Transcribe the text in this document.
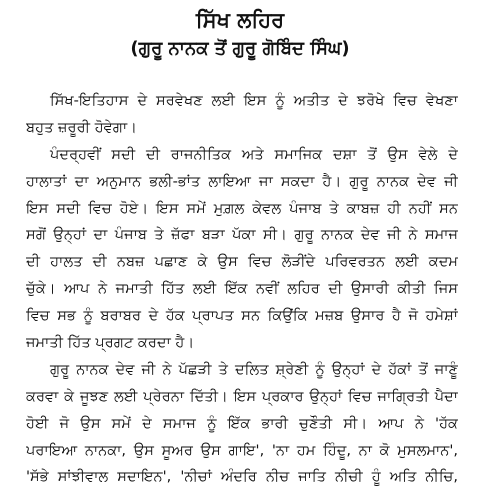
ਸਿੱਖ ਲਹਿਰ
(ਗੁਰੂ ਨਾਨਕ ਤੋਂ ਗੁਰੂ ਗੋਬਿੰਦ ਸਿੰਘ)
ਸਿੱਖ-ਇਤਿਹਾਸ ਦੇ ਸਰਵੇਖਣ ਲਈ ਇਸ ਨੂੰ ਅਤੀਤ ਦੇ ਝਰੋਖੇ ਵਿਚ ਵੇਖਣਾ
ਬਹੁਤ ਜ਼ਰੂਰੀ ਹੋਵੇਗਾ।
ਪੰਦਰ੍ਹਵੀਂ ਸਦੀ ਦੀ ਰਾਜਨੀਤਿਕ ਅਤੇ ਸਮਾਜਿਕ ਦਸ਼ਾ ਤੋਂ ਉਸ ਵੇਲੇ ਦੇ
ਹਾਲਾਤਾਂ ਦਾ ਅਨੁਮਾਨ ਭਲੀ-ਭਾਂਤ ਲਾਇਆ ਜਾ ਸਕਦਾ ਹੈ। ਗੁਰੂ ਨਾਨਕ ਦੇਵ ਜੀ
ਇਸ ਸਦੀ ਵਿਚ ਹੋਏ। ਇਸ ਸਮੇਂ ਮੁਗ਼ਲ ਕੇਵਲ ਪੰਜਾਬ ਤੇ ਕਾਬਜ਼ ਹੀ ਨਹੀਂ ਸਨ
ਸਗੋਂ ਉਨ੍ਹਾਂ ਦਾ ਪੰਜਾਬ ਤੇ ਜ਼ੱਫਾ ਬੜਾ ਪੱਕਾ ਸੀ। ਗੁਰੂ ਨਾਨਕ ਦੇਵ ਜੀ ਨੇ ਸਮਾਜ
ਦੀ ਹਾਲਤ ਦੀ ਨਬਜ਼ ਪਛਾਣ ਕੇ ਉਸ ਵਿਚ ਲੋੜੀਂਦੇ ਪਰਿਵਰਤਨ ਲਈ ਕਦਮ
ਚੁੱਕੇ। ਆਪ ਨੇ ਜਮਾਤੀ ਹਿੱਤ ਲਈ ਇੱਕ ਨਵੀਂ ਲਹਿਰ ਦੀ ਉਸਾਰੀ ਕੀਤੀ ਜਿਸ
ਵਿਚ ਸਭ ਨੂੰ ਬਰਾਬਰ ਦੇ ਹੱਕ ਪ੍ਰਾਪਤ ਸਨ ਕਿਉਂਕਿ ਮਜ਼ਬ ਉਸਾਰ ਹੈ ਜੋ ਹਮੇਸ਼ਾਂ
ਜਮਾਤੀ ਹਿੱਤ ਪ੍ਰਗਟ ਕਰਦਾ ਹੈ।
ਗੁਰੂ ਨਾਨਕ ਦੇਵ ਜੀ ਨੇ ਪੱਛੜੀ ਤੇ ਦਲਿਤ ਸ਼੍ਰੇਣੀ ਨੂੰ ਉਨ੍ਹਾਂ ਦੇ ਹੱਕਾਂ ਤੋਂ ਜਾਣੂੰ
ਕਰਵਾ ਕੇ ਜੂਝਣ ਲਈ ਪ੍ਰੇਰਨਾ ਦਿੱਤੀ। ਇਸ ਪ੍ਰਕਾਰ ਉਨ੍ਹਾਂ ਵਿਚ ਜਾਗ੍ਰਿਤੀ ਪੈਦਾ
ਹੋਈ ਜੋ ਉਸ ਸਮੇਂ ਦੇ ਸਮਾਜ ਨੂੰ ਇੱਕ ਭਾਰੀ ਚੁਣੌਤੀ ਸੀ। ਆਪ ਨੇ 'ਹੱਕ
ਪਰਾਇਆ ਨਾਨਕਾ, ਉਸ ਸੂਅਰ ਉਸ ਗਾਇ', 'ਨਾ ਹਮ ਹਿੰਦੂ, ਨਾ ਕੋ ਮੁਸਲਮਾਨ',
'ਸੱਭੇ ਸਾਂਝੀਵਾਲ ਸਦਾਇਨ', 'ਨੀਚਾਂ ਅੰਦਰਿ ਨੀਚ ਜਾਤਿ ਨੀਚੀ ਹੂੰ ਅਤਿ ਨੀਚਿ,
